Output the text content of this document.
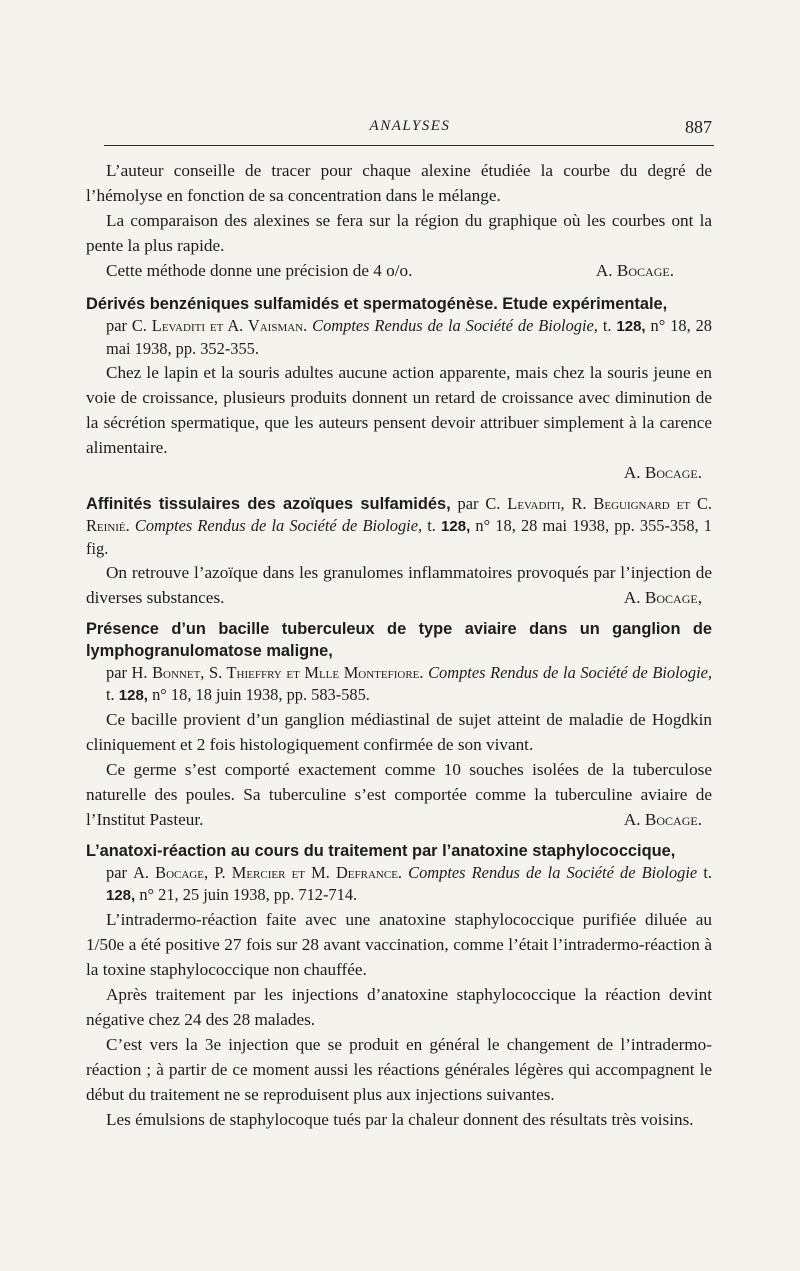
ANALYSES	887

L’auteur conseille de tracer pour chaque alexine étudiée la courbe du degré de l’hémolyse en fonction de sa concentration dans le mélange.

La comparaison des alexines se fera sur la région du graphique où les courbes ont la pente la plus rapide.

Cette méthode donne une précision de 4 o/o.	A. Bocage.

Dérivés benzéniques sulfamidés et spermatogénèse. Etude expérimentale,
par C. Levaditi et A. Vaisman. Comptes Rendus de la Société de Biologie, t. 128, n° 18, 28 mai 1938, pp. 352-355.

Chez le lapin et la souris adultes aucune action apparente, mais chez la souris jeune en voie de croissance, plusieurs produits donnent un retard de croissance avec diminution de la sécrétion spermatique, que les auteurs pensent devoir attribuer simplement à la carence alimentaire.

A. Bocage.
Affinités tissulaires des azoïques sulfamidés, par C. Levaditi, R. Beguignard et C. Reinié. Comptes Rendus de la Société de Biologie, t. 128, n° 18, 28 mai 1938, pp. 355-358, 1 fig.

On retrouve l’azoïque dans les granulomes inflammatoires provoqués par l’injection de diverses substances.	A. Bocage,

Présence d’un bacille tuberculeux de type aviaire dans un ganglion de lymphogranulomatose maligne,
par H. Bonnet, S. Thieffry et Mlle Montefiore. Comptes Rendus de la Société de Biologie, t. 128, n° 18, 18 juin 1938, pp. 583-585.

Ce bacille provient d’un ganglion médiastinal de sujet atteint de maladie de Hogdkin cliniquement et 2 fois histologiquement confirmée de son vivant.

Ce germe s’est comporté exactement comme 10 souches isolées de la tuberculose naturelle des poules. Sa tuberculine s’est comportée comme la tuberculine aviaire de l’Institut Pasteur.	A. Bocage.

L’anatoxi-réaction au cours du traitement par l’anatoxine staphylococcique,
par A. Bocage, P. Mercier et M. Defrance. Comptes Rendus de la Société de Biologie t. 128, n° 21, 25 juin 1938, pp. 712-714.

L’intradermo-réaction faite avec une anatoxine staphylococcique purifiée diluée au 1/50e a été positive 27 fois sur 28 avant vaccination, comme l’était l’intradermo-réaction à la toxine staphylococcique non chauffée.

Après traitement par les injections d’anatoxine staphylococcique la réaction devint négative chez 24 des 28 malades.

C’est vers la 3e injection que se produit en général le changement de l’intradermo-réaction ; à partir de ce moment aussi les réactions générales légères qui accompagnent le début du traitement ne se reproduisent plus aux injections suivantes.

Les émulsions de staphylocoque tués par la chaleur donnent des résultats très voisins.
